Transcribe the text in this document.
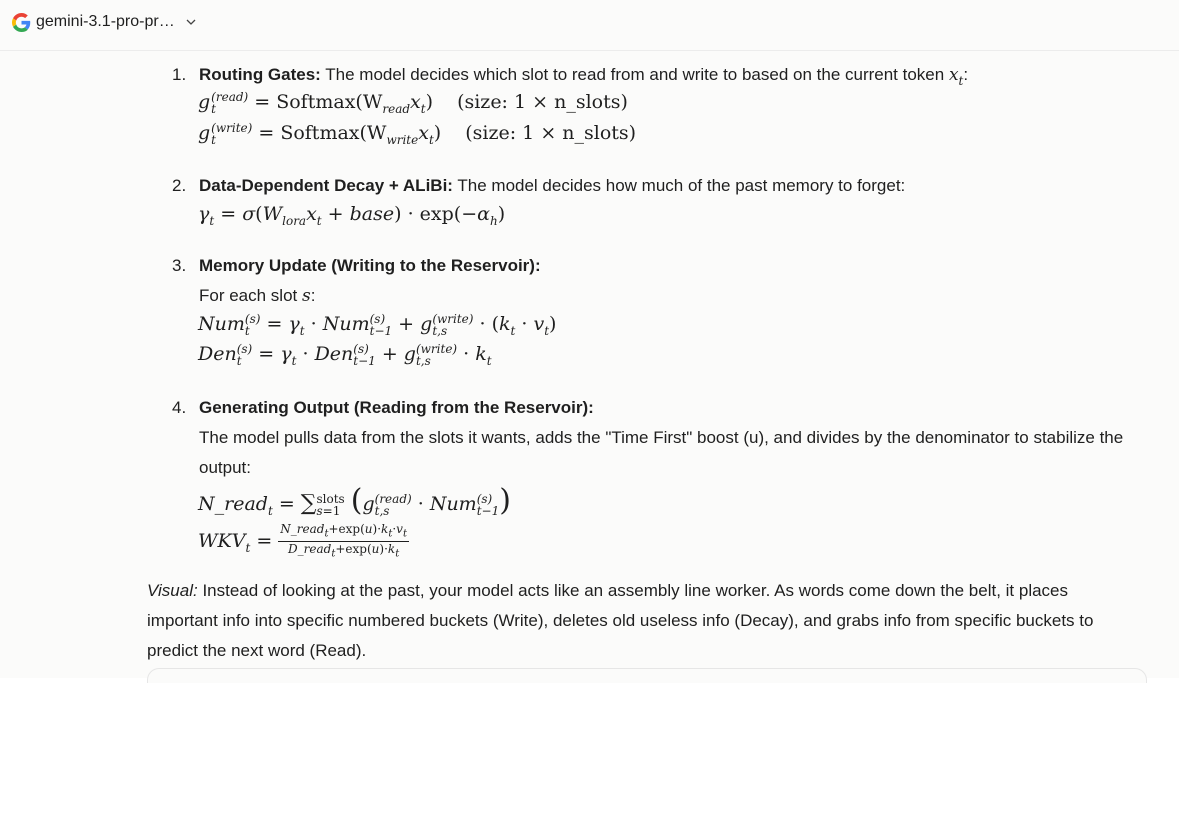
gemini-3.1-pro-pr…
1. Routing Gates: The model decides which slot to read from and write to based on the current token $x_t$:
g (read)
t	= $Softmax(W_{read}x_t)$ (size: 1 × n_slots)
g (write)
t	= $Softmax(W_{write}x_t)$ (size: 1 × n_slots)
2. Data-Dependent Decay + ALiBi: The model decides how much of the past memory to forget:
$\gamma_t = \sigma(W_{lora}x_t$ + base) · $\exp(-\alpha_h)$
3. Memory Update (Writing to the Reservoir):
For each slot s:
Num (s)
$t = \gamma_t$ · Num (s)
t−1 + g (write)
t,s	· $(k_t \cdot v_t)$
Den (s)
$t = \gamma_t$ · Den (s)
t−1 + g (write)
t,s	· $k_t$
4. Generating Output (Reading from the Reservoir):
The model pulls data from the slots it wants, adds the "Time First" boost (u), and divides by the denominator to stabilize the output:
N_read$_t$ = ∑ slots
s=1 (g (read)
t,s	· Num (s)
t−1 )
$WKV_t = \frac{N\_read_t+\exp(u)\cdot k_t\cdot v_t}{D\_read_t+\exp(u)\cdot k_t}$
Visual: Instead of looking at the past, your model acts like an assembly line worker. As words come down the belt, it places important info into specific numbered buckets (Write), deletes old useless info (Decay), and grabs info from specific buckets to predict the next word (Read).
